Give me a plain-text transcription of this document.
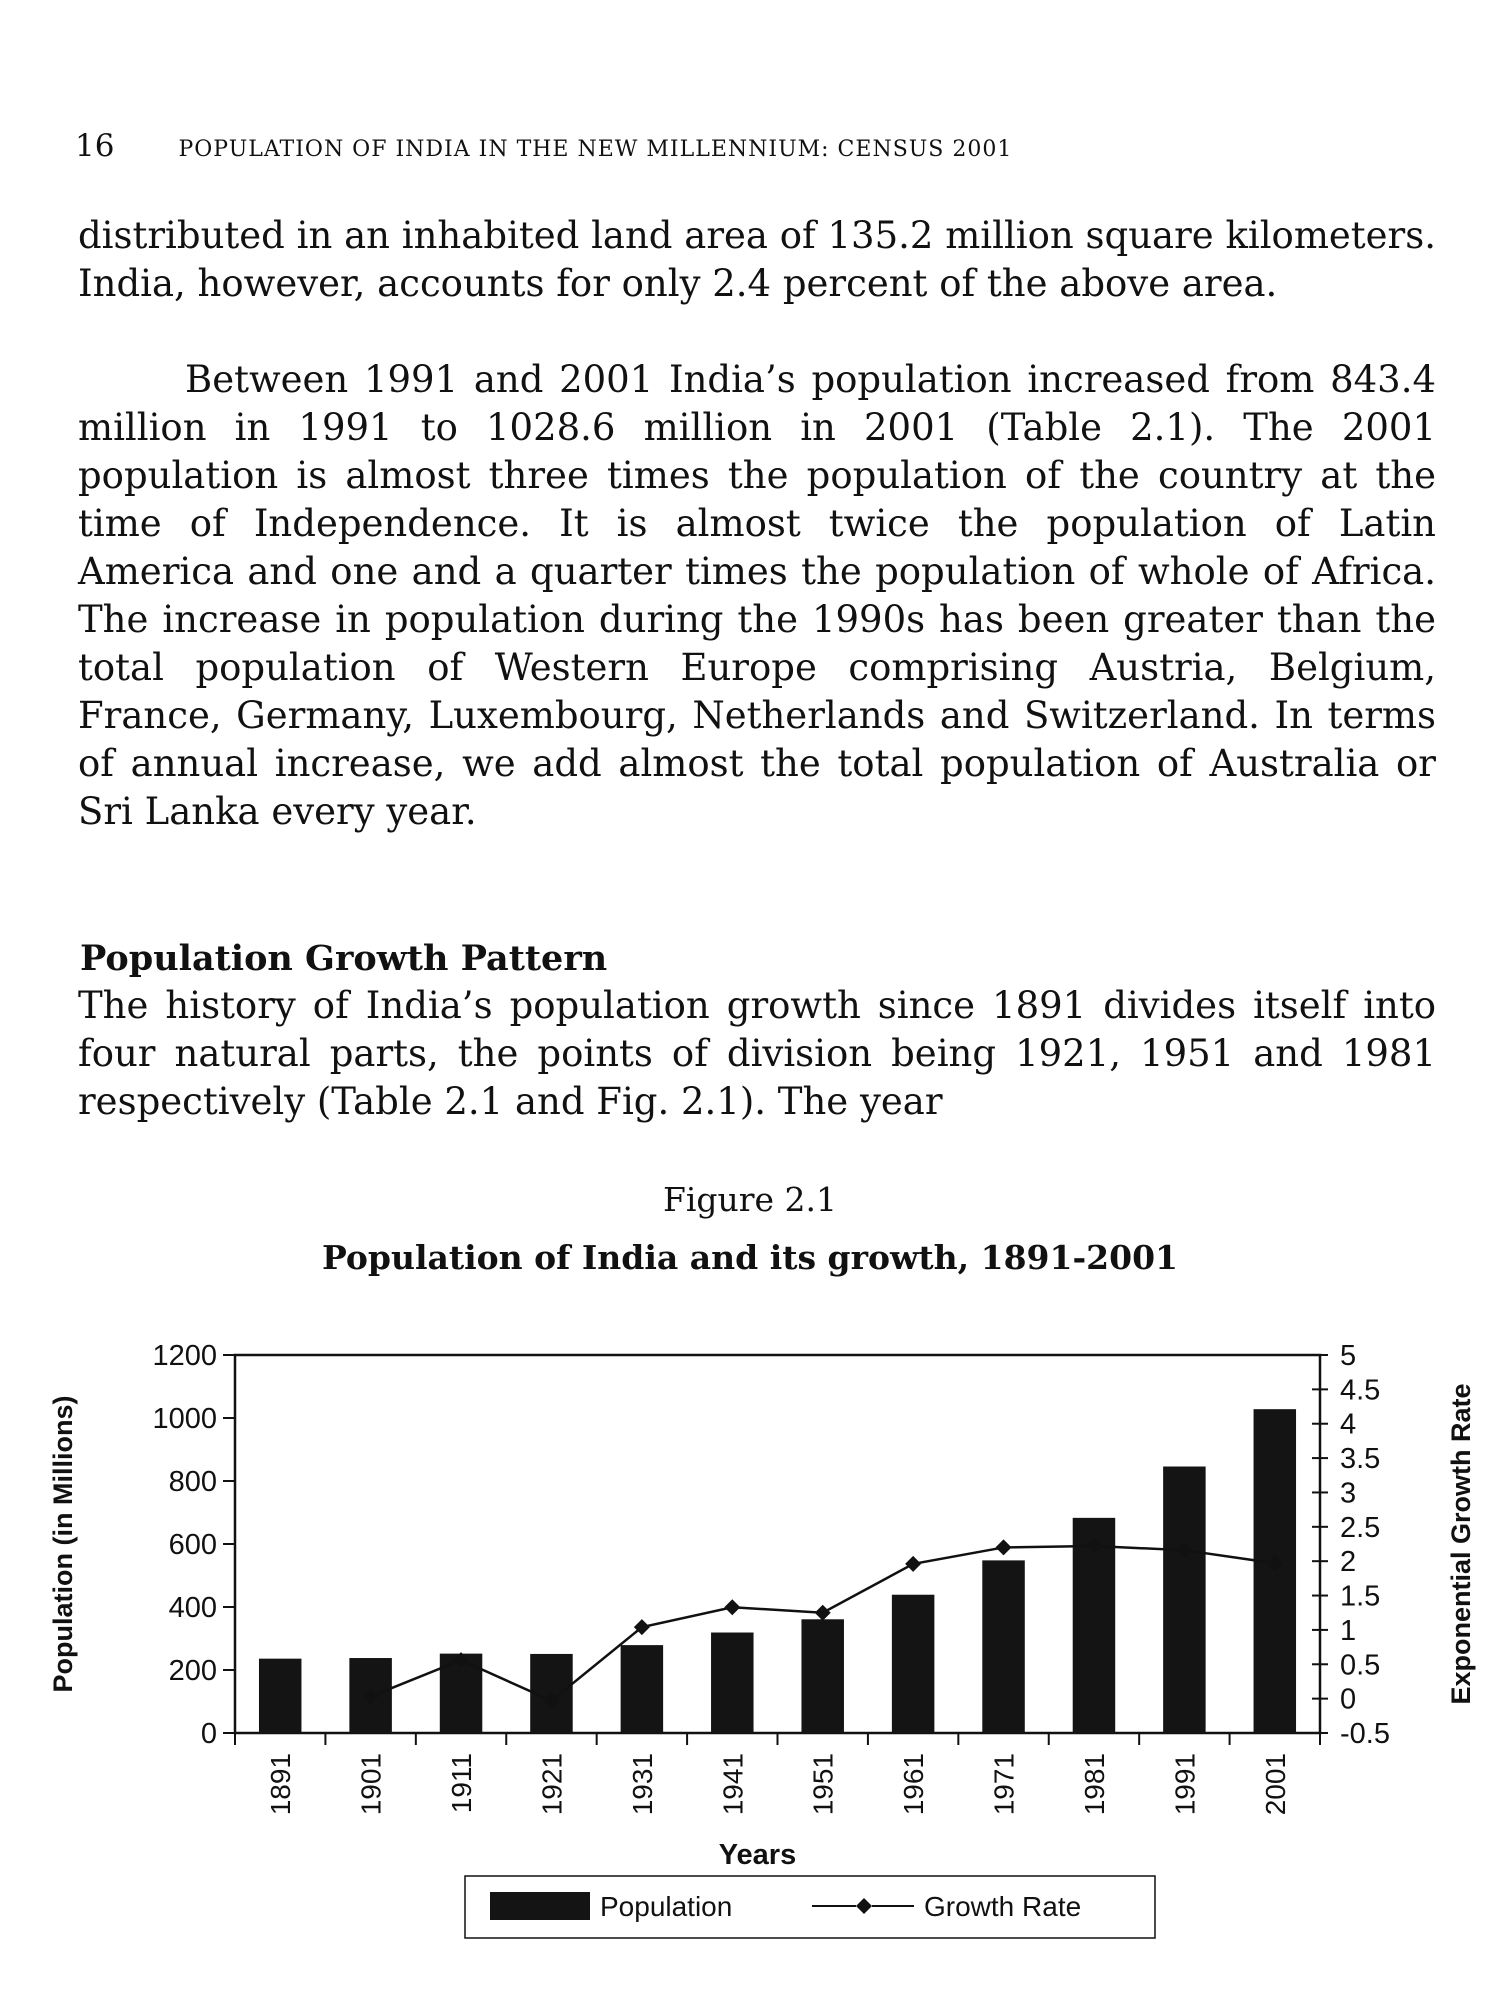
16	POPULATION OF INDIA IN THE NEW MILLENNIUM: CENSUS 2001

distributed in an inhabited land area of 135.2 million square kilometers. India, however, accounts for only 2.4 percent of the above area.

Between 1991 and 2001 India’s population increased from 843.4 million in 1991 to 1028.6 million in 2001 (Table 2.1). The 2001 population is almost three times the population of the country at the time of Independence. It is almost twice the population of Latin America and one and a quarter times the population of whole of Africa. The increase in population during the 1990s has been greater than the total population of Western Europe comprising Austria, Belgium, France, Germany, Luxembourg, Netherlands and Switzerland. In terms of annual increase, we add almost the total population of Australia or Sri Lanka every year.

Population Growth Pattern

The history of India’s population growth since 1891 divides itself into four natural parts, the points of division being 1921, 1951 and 1981 respectively (Table 2.1 and Fig. 2.1). The year

Figure 2.1
Population of India and its growth, 1891-2001
0
200
400
600
800
1000
1200
-0.5
0
0.5
1
1.5
2
2.5
3
3.5
4
4.5
5
1891 1901 1911 1921 1931 1941 1951 1961 1971 1981 1991 2001
Population (in Millions)	Exponential Growth Rate
Years
Population	Growth Rate
